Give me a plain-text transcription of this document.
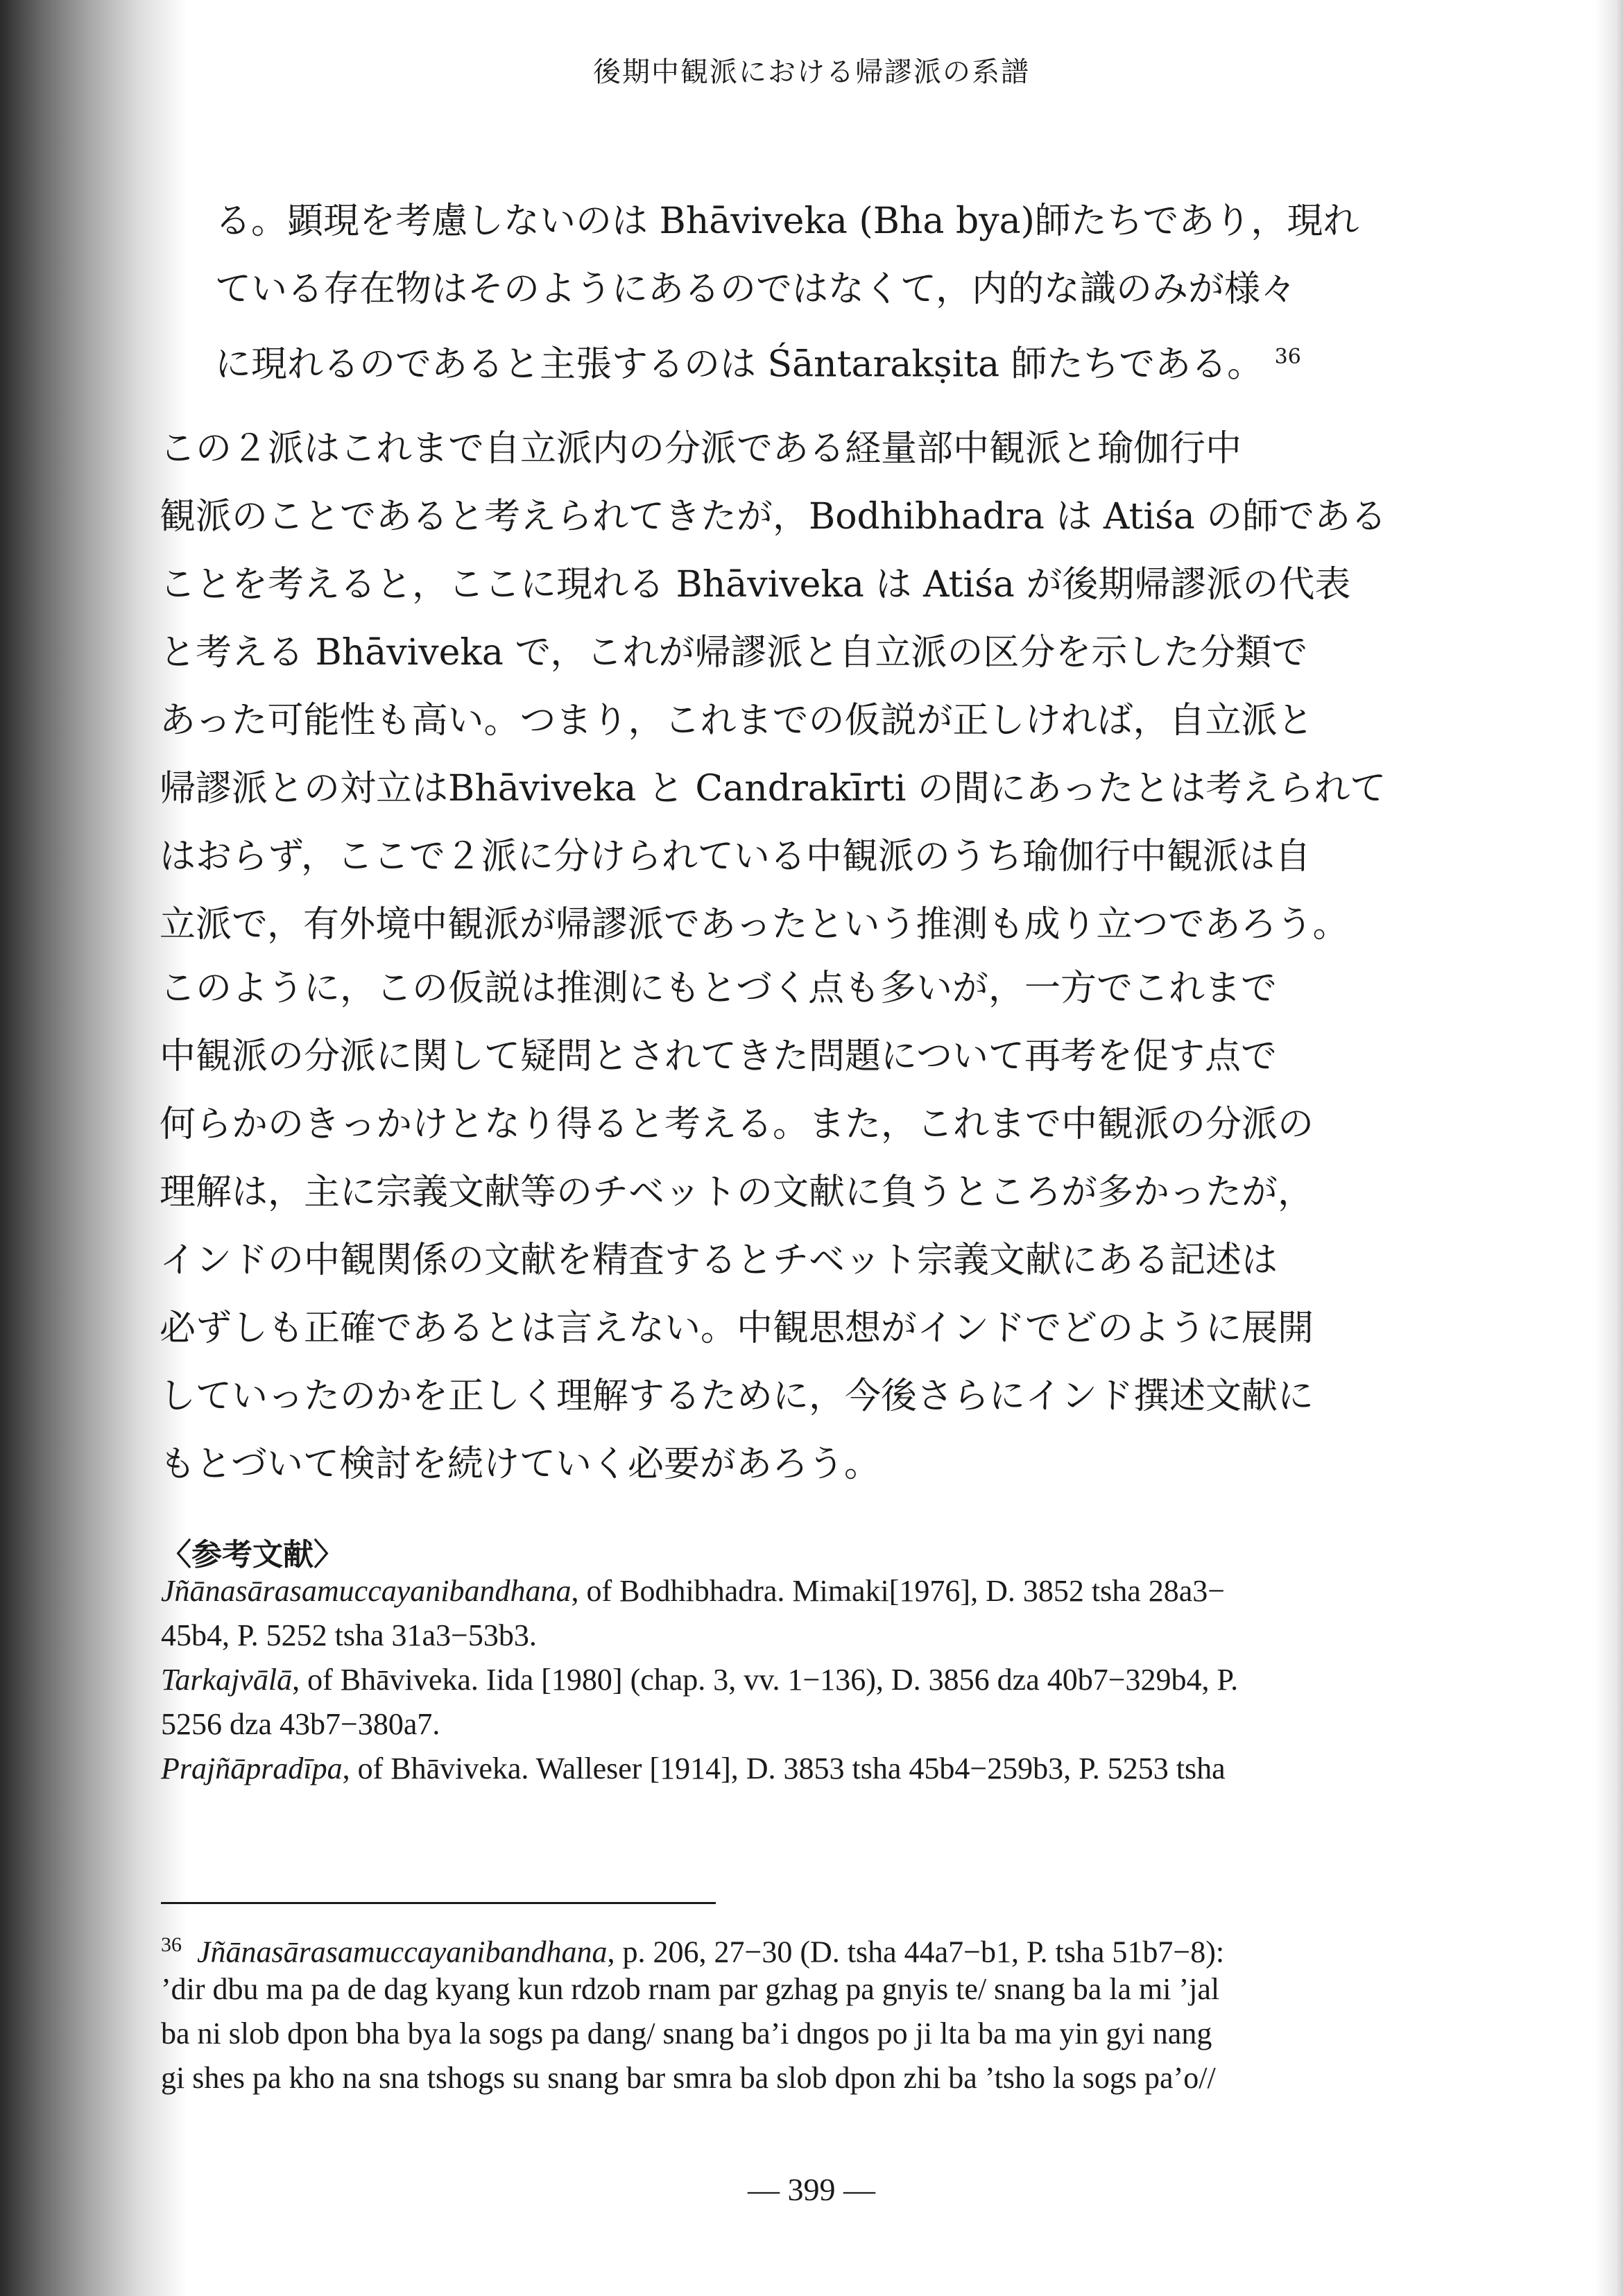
後期中観派における帰謬派の系譜
る。顕現を考慮しないのは Bhāviveka (Bha bya)師たちであり，現れ
ている存在物はそのようにあるのではなくて，内的な識のみが様々
に現れるのであると主張するのは Śāntarakṣita 師たちである。 $^{36}$
この２派はこれまで自立派内の分派である経量部中観派と瑜伽行中
観派のことであると考えられてきたが，Bodhibhadra は Atiśa の師である
ことを考えると，ここに現れる Bhāviveka は Atiśa が後期帰謬派の代表
と考える Bhāviveka で，これが帰謬派と自立派の区分を示した分類で
あった可能性も高い。つまり，これまでの仮説が正しければ，自立派と
帰謬派との対立はBhāviveka と Candrakīrti の間にあったとは考えられて
はおらず，ここで２派に分けられている中観派のうち瑜伽行中観派は自
立派で，有外境中観派が帰謬派であったという推測も成り立つであろう。
このように，この仮説は推測にもとづく点も多いが，一方でこれまで
中観派の分派に関して疑問とされてきた問題について再考を促す点で
何らかのきっかけとなり得ると考える。また，これまで中観派の分派の
理解は，主に宗義文献等のチベットの文献に負うところが多かったが，
インドの中観関係の文献を精査するとチベット宗義文献にある記述は
必ずしも正確であるとは言えない。中観思想がインドでどのように展開
していったのかを正しく理解するために，今後さらにインド撰述文献に
もとづいて検討を続けていく必要があろう。
〈参考文献〉
Jñānasārasamuccayanibandhana, of Bodhibhadra. Mimaki[1976], D. 3852 tsha 28a3−
45b4, P. 5252 tsha 31a3−53b3.
Tarkajvālā, of Bhāviveka. Iida [1980] (chap. 3, vv. 1−136), D. 3856 dza 40b7−329b4, P.
5256 dza 43b7−380a7.
Prajñāpradīpa, of Bhāviveka. Walleser [1914], D. 3853 tsha 45b4−259b3, P. 5253 tsha
$^{36}$ Jñānasārasamuccayanibandhana, p. 206, 27−30 (D. tsha 44a7−b1, P. tsha 51b7−8):
’dir dbu ma pa de dag kyang kun rdzob rnam par gzhag pa gnyis te/ snang ba la mi ’jal
ba ni slob dpon bha bya la sogs pa dang/ snang ba’i dngos po ji lta ba ma yin gyi nang
gi shes pa kho na sna tshogs su snang bar smra ba slob dpon zhi ba ’tsho la sogs pa’o//
— 399 —
